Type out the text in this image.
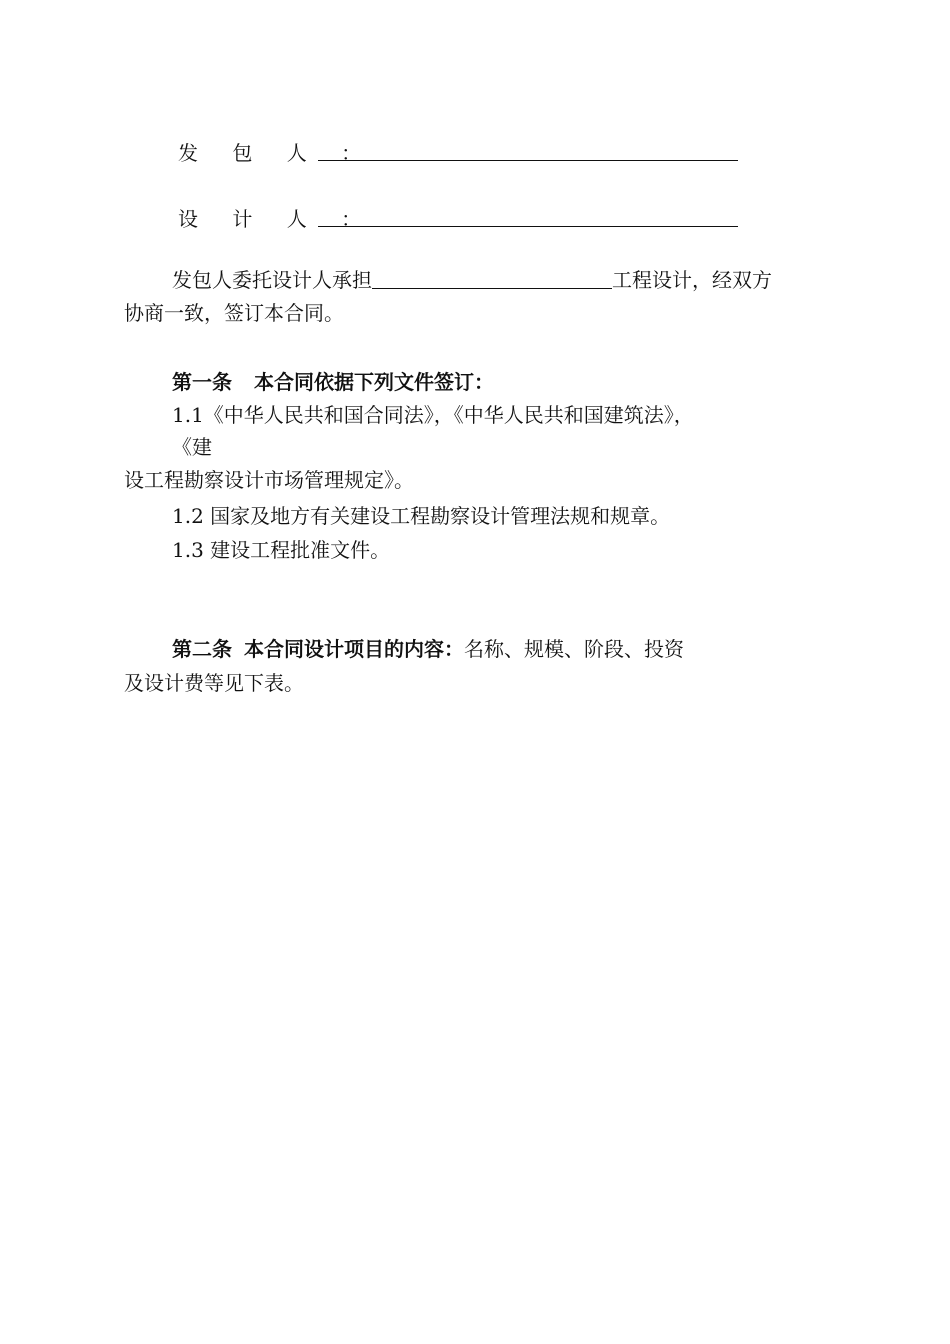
发 包 人 ：
设 计 人 ：
发包人委托设计人承担	工程设计，经双方
协商一致，签订本合同。
第一条 本合同依据下列文件签订：
1.1《中华人民共和国合同法》，《中华人民共和国建筑法》，
《建
设工程勘察设计市场管理规定》。
1.2 国家及地方有关建设工程勘察设计管理法规和规章。
1.3 建设工程批准文件。
第二条 本合同设计项目的内容：名称、规模、阶段、投资
及设计费等见下表。
